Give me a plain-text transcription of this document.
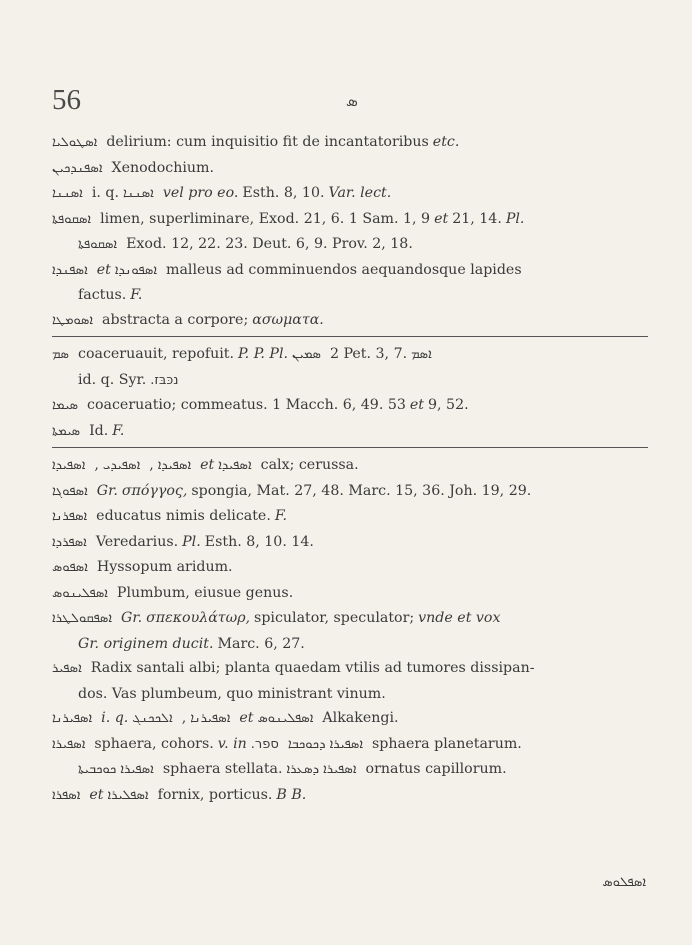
56	ܣ
ܐܣܛܘܠܝܐ delirium: cum inquisitio fit de incantatoribus etc.
ܐܣܦܢܕܟܝܢ Xenodochium.
ܐܣܢܢܐ i. q. ܐܣܢܢܐ vel pro eo. Esth. 8, 10. Var. lect.
ܐܣܩܘܦܬܐ limen, superliminare, Exod. 21, 6. 1 Sam. 1, 9 et 21, 14. Pl.
ܐܣܩܘܦܬܐ Exod. 12, 22. 23. Deut. 6, 9. Prov. 2, 18.
ܐܣܦܢܕܐ et ܐܣܦܘܢܕܐ malleus ad comminuendos aequandosque lapides
factus. F.
ܐܣܘܡܛܐ abstracta a corpore; ασωματα.
ܣܡ coaceruauit, repofuit. P. P. Pl. ܣܡܝܢ 2 Pet. 3, 7. ܐܣܡ
id. q. Syr. נכּבּז.
ܣܝܡܐ coaceruatio; commeatus. 1 Macch. 6, 49. 53 et 9, 52.
ܣܝܡܬܐ Id. F.
ܐܣܦܝܕܐ , ܐܣܦܝܕܝ , ܐܣܦܝܕܐ et ܐܣܦܝܕܐ calx; cerussa.
ܐܣܦܘܓܐ Gr. σπόγγος, spongia, Mat. 27, 48. Marc. 15, 36. Joh. 19, 29.
ܐܣܦܪܢܐ educatus nimis delicate. F.
ܐܣܦܪܕܐ Veredarius. Pl. Esth. 8, 10. 14.
ܐܣܦܘܣ Hyssopum aridum.
ܐܣܦܠܝܢܘܣ Plumbum, eiusue genus.
ܐܣܦܩܘܠܛܪܐ Gr. σπεκουλάτωρ, spiculator, speculator; vnde et vox
Gr. originem ducit. Marc. 6, 27.
ܐܣܦܝܪ Radix santali albi; planta quaedam vtilis ad tumores dissipan-
dos. Vas plumbeum, quo ministrant vinum.
ܐܣܦܝܪܢܐ i. q. ܐܠܟܟܢܓ , ܐܣܦܝܪܢܐ et ܐܣܦܠܝܢܘܣ Alkakengi.
ܐܣܦܝܪܐ sphaera, cohors. v. in ספר. ܐܣܦܝܪܐ ܕܟܘܟܒܐ sphaera planetarum.
ܐܣܦܝܪܐ ܟܘܟܒܝܬܐ sphaera stellata. ܐܣܦܝܪܐ ܕܣܥܪܐ ornatus capillorum.
ܐܣܦܪܐ et ܐܣܦܠܝܪܐ fornix, porticus. B B.
ܐܣܦܠܘܣ
